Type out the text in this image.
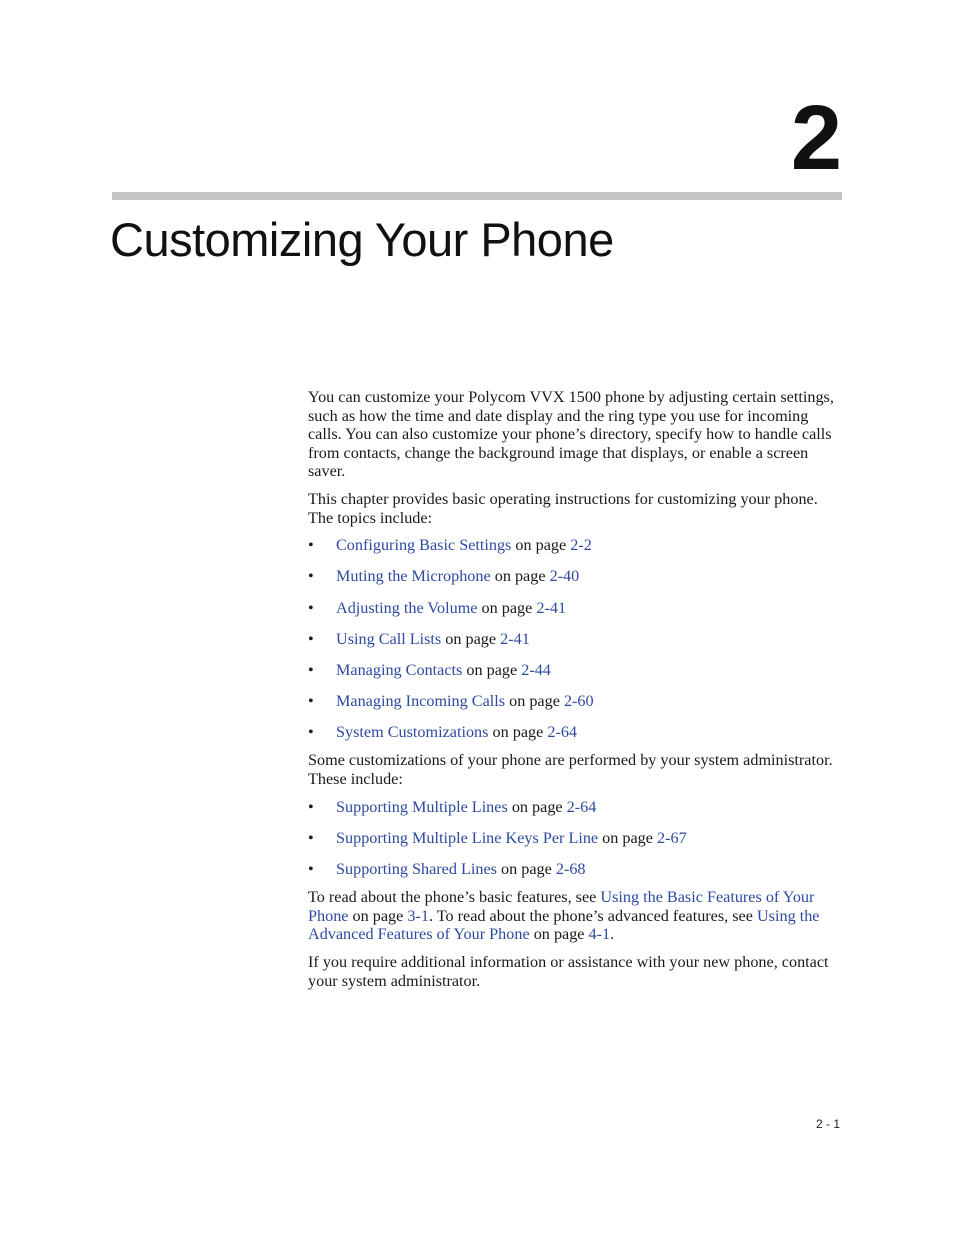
2
Customizing Your Phone

You can customize your Polycom VVX 1500 phone by adjusting certain settings, such as how the time and date display and the ring type you use for incoming calls. You can also customize your phone’s directory, specify how to handle calls from contacts, change the background image that displays, or enable a screen saver.

This chapter provides basic operating instructions for customizing your phone. The topics include:

• Configuring Basic Settings on page 2-2
• Muting the Microphone on page 2-40
• Adjusting the Volume on page 2-41
• Using Call Lists on page 2-41
• Managing Contacts on page 2-44
• Managing Incoming Calls on page 2-60
• System Customizations on page 2-64

Some customizations of your phone are performed by your system administrator. These include:

• Supporting Multiple Lines on page 2-64
• Supporting Multiple Line Keys Per Line on page 2-67
• Supporting Shared Lines on page 2-68

To read about the phone’s basic features, see Using the Basic Features of Your Phone on page 3-1. To read about the phone’s advanced features, see Using the Advanced Features of Your Phone on page 4-1.

If you require additional information or assistance with your new phone, contact your system administrator.

2 - 1
